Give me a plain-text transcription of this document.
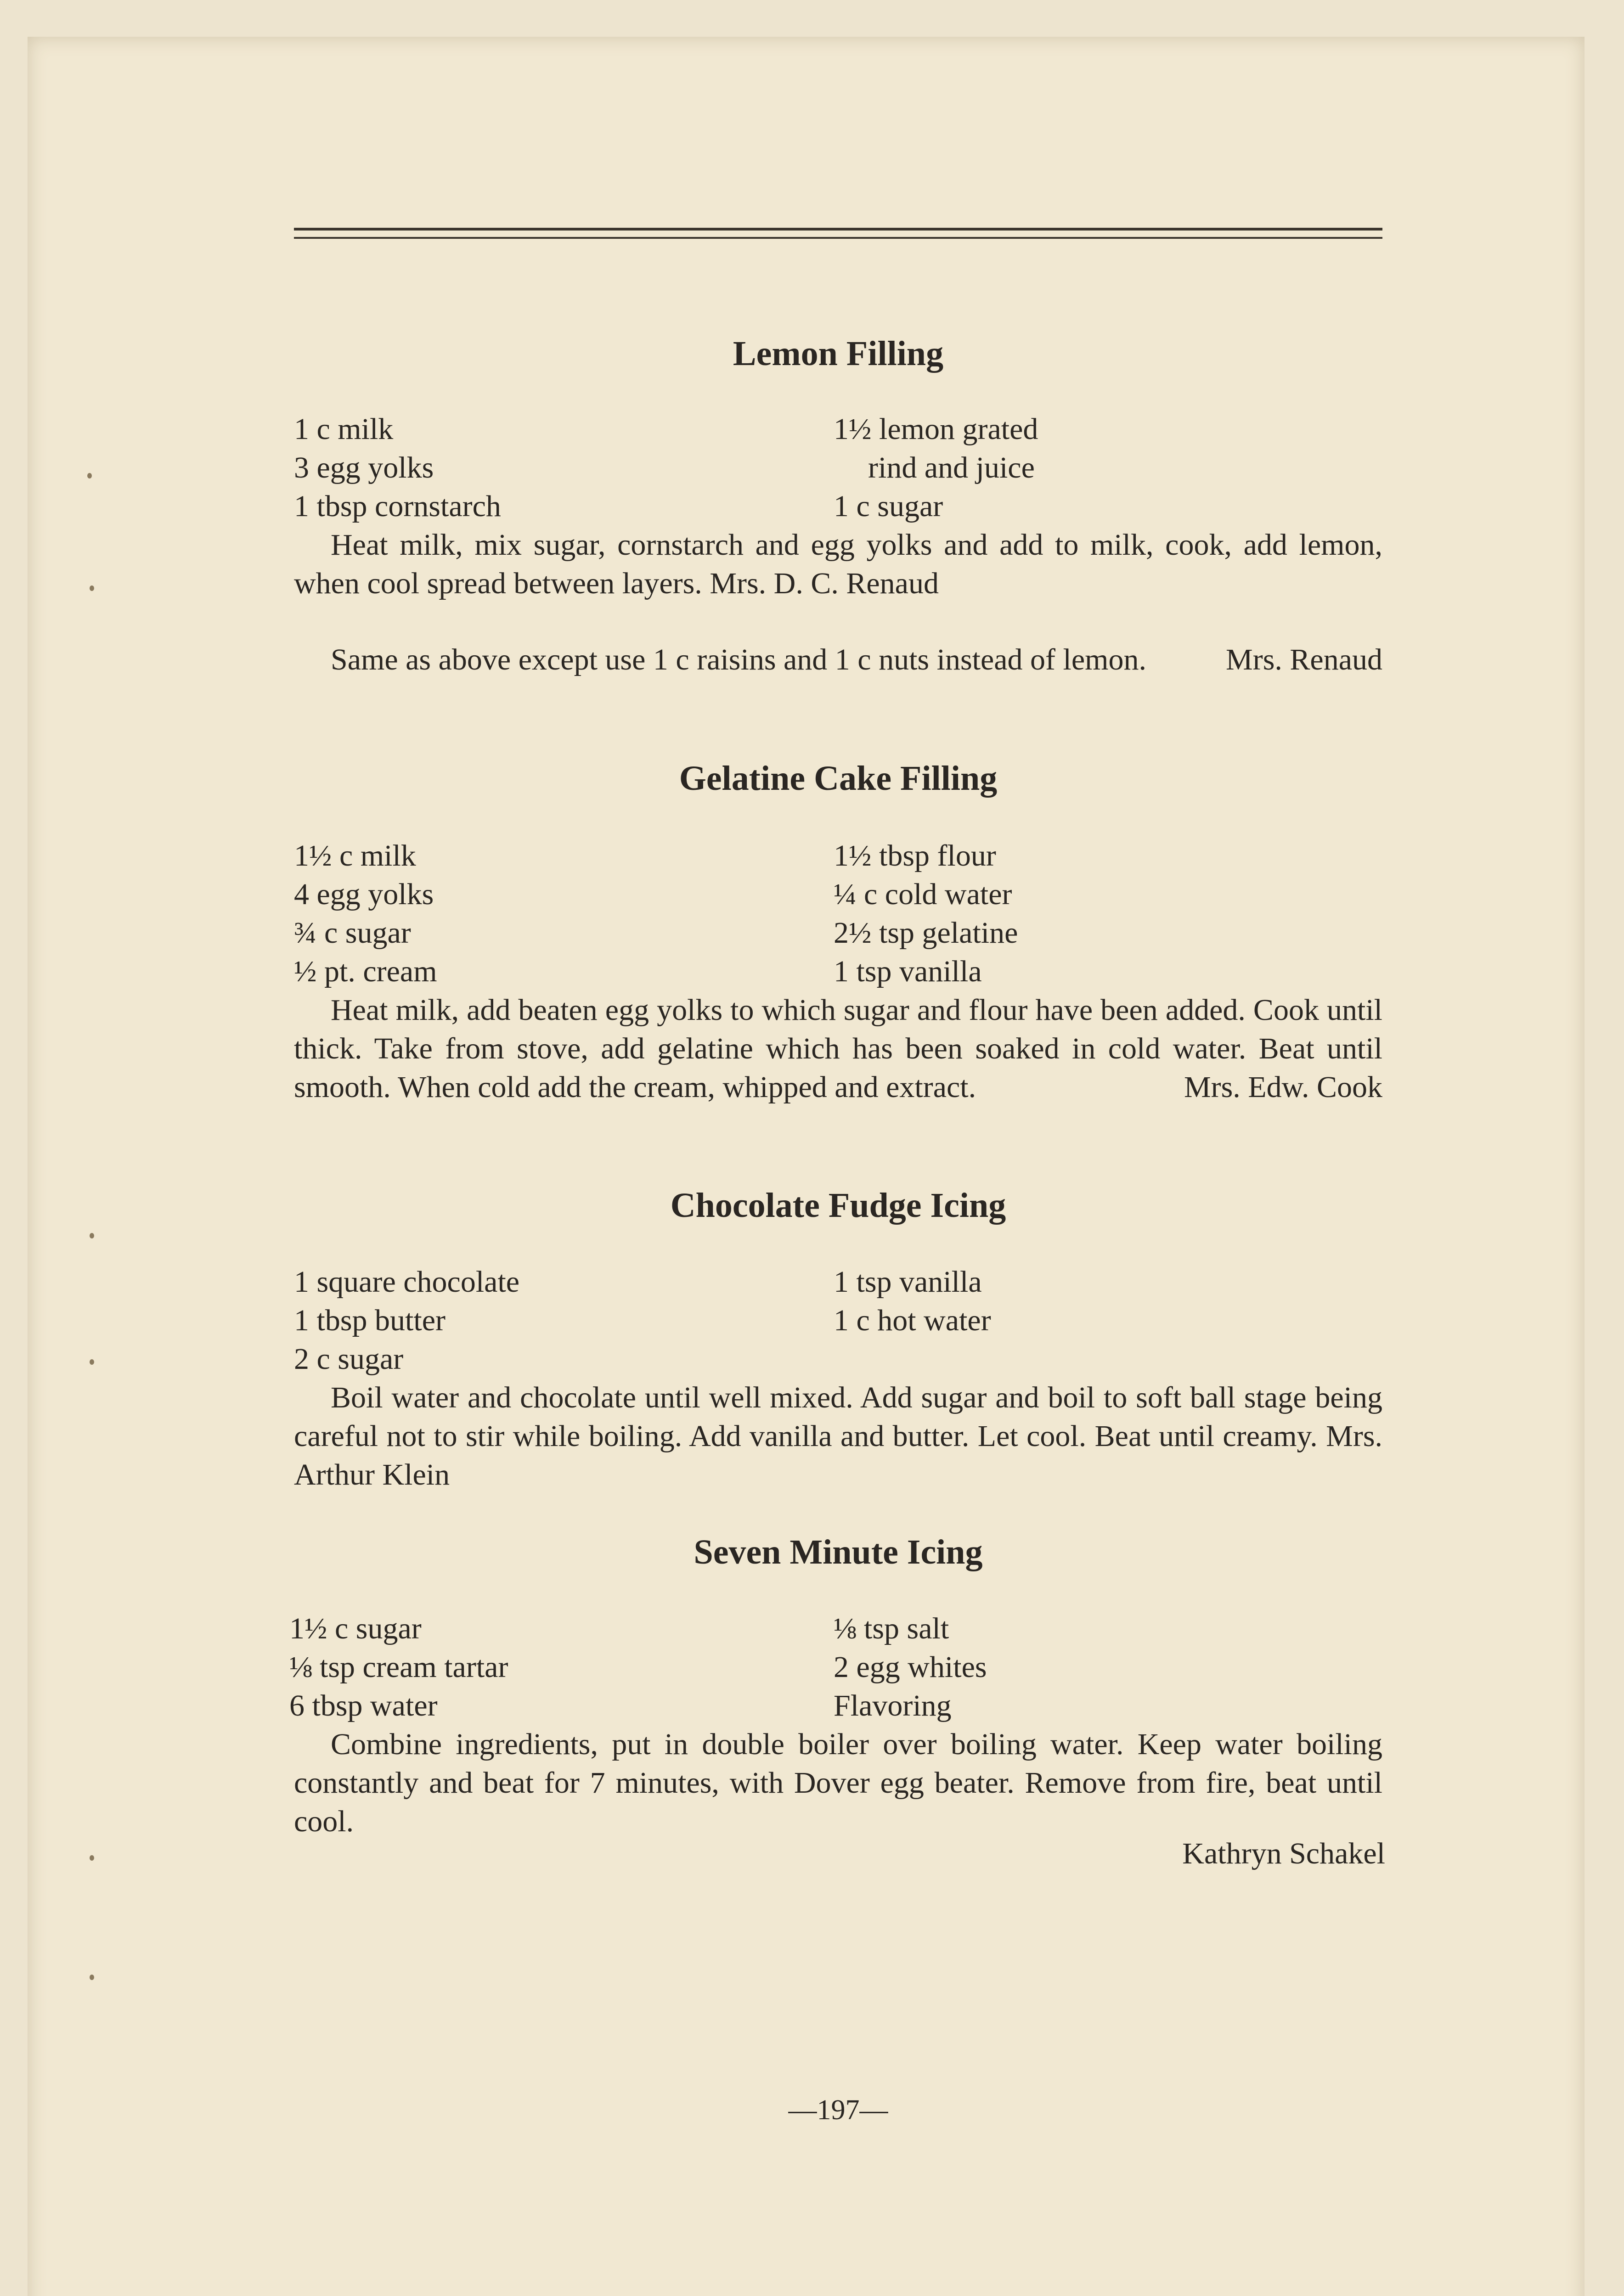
Lemon Filling
1 c milk
3 egg yolks
1 tbsp cornstarch
1½ lemon grated
rind and juice
1 c sugar

Heat milk, mix sugar, cornstarch and egg yolks and add to milk, cook, add lemon, when cool spread between layers. Mrs. D. C. Renaud

Same as above except use 1 c raisins and 1 c nuts instead of lemon.	Mrs. Renaud

Gelatine Cake Filling
1½ c milk
4 egg yolks
¾ c sugar
½ pt. cream
1½ tbsp flour
¼ c cold water
2½ tsp gelatine
1 tsp vanilla

Heat milk, add beaten egg yolks to which sugar and flour have been added. Cook until thick. Take from stove, add gelatine which has been soaked in cold water. Beat until smooth. When cold add the cream, whipped and extract.	Mrs. Edw. Cook

Chocolate Fudge Icing
1 square chocolate
1 tbsp butter
2 c sugar
1 tsp vanilla
1 c hot water

Boil water and chocolate until well mixed. Add sugar and boil to soft ball stage being careful not to stir while boiling. Add vanilla and butter. Let cool. Beat until creamy. Mrs. Arthur Klein

Seven Minute Icing
1½ c sugar
⅛ tsp cream tartar
6 tbsp water
⅛ tsp salt
2 egg whites
Flavoring

Combine ingredients, put in double boiler over boiling water. Keep water boiling constantly and beat for 7 minutes, with Dover egg beater. Remove from fire, beat until cool.

Kathryn Schakel
—197—
